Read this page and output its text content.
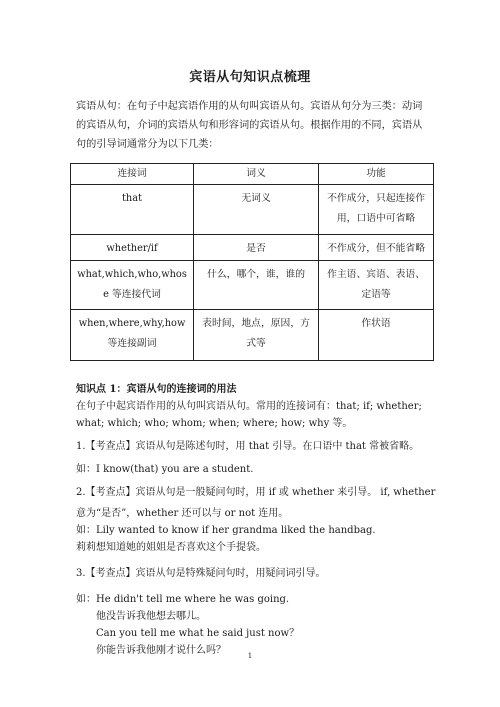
宾语从句知识点梳理
宾语从句：在句子中起宾语作用的从句叫宾语从句。宾语从句分为三类：动词
的宾语从句，介词的宾语从句和形容词的宾语从句。根据作用的不同，宾语从
句的引导词通常分为以下几类：
连接词	词义	功能
that	无词义	不作成分，只起连接作
用，口语中可省略
whether/if	是否	不作成分，但不能省略
what,which,who,whos
e 等连接代词	什么，哪个，谁，谁的	作主语、宾语、表语、
定语等
when,where,why,how
等连接副词	表时间，地点，原因，方
式等	作状语
知识点 1：宾语从句的连接词的用法
在句子中起宾语作用的从句叫宾语从句。常用的连接词有：that; if; whether;
what; which; who; whom; when; where; how; why 等。
1.【考查点】宾语从句是陈述句时，用 that 引导。在口语中 that 常被省略。
如：I know(that) you are a student.
2.【考查点】宾语从句是一般疑问句时，用 if 或 whether 来引导。 if, whether
意为“是否”，whether 还可以与 or not 连用。
如：Lily wanted to know if her grandma liked the handbag.
莉莉想知道她的姐姐是否喜欢这个手提袋。
3.【考查点】宾语从句是特殊疑问句时，用疑问词引导。
如：He didn't tell me where he was going.
他没告诉我他想去哪儿。
Can you tell me what he said just now？
你能告诉我他刚才说什么吗？	1
